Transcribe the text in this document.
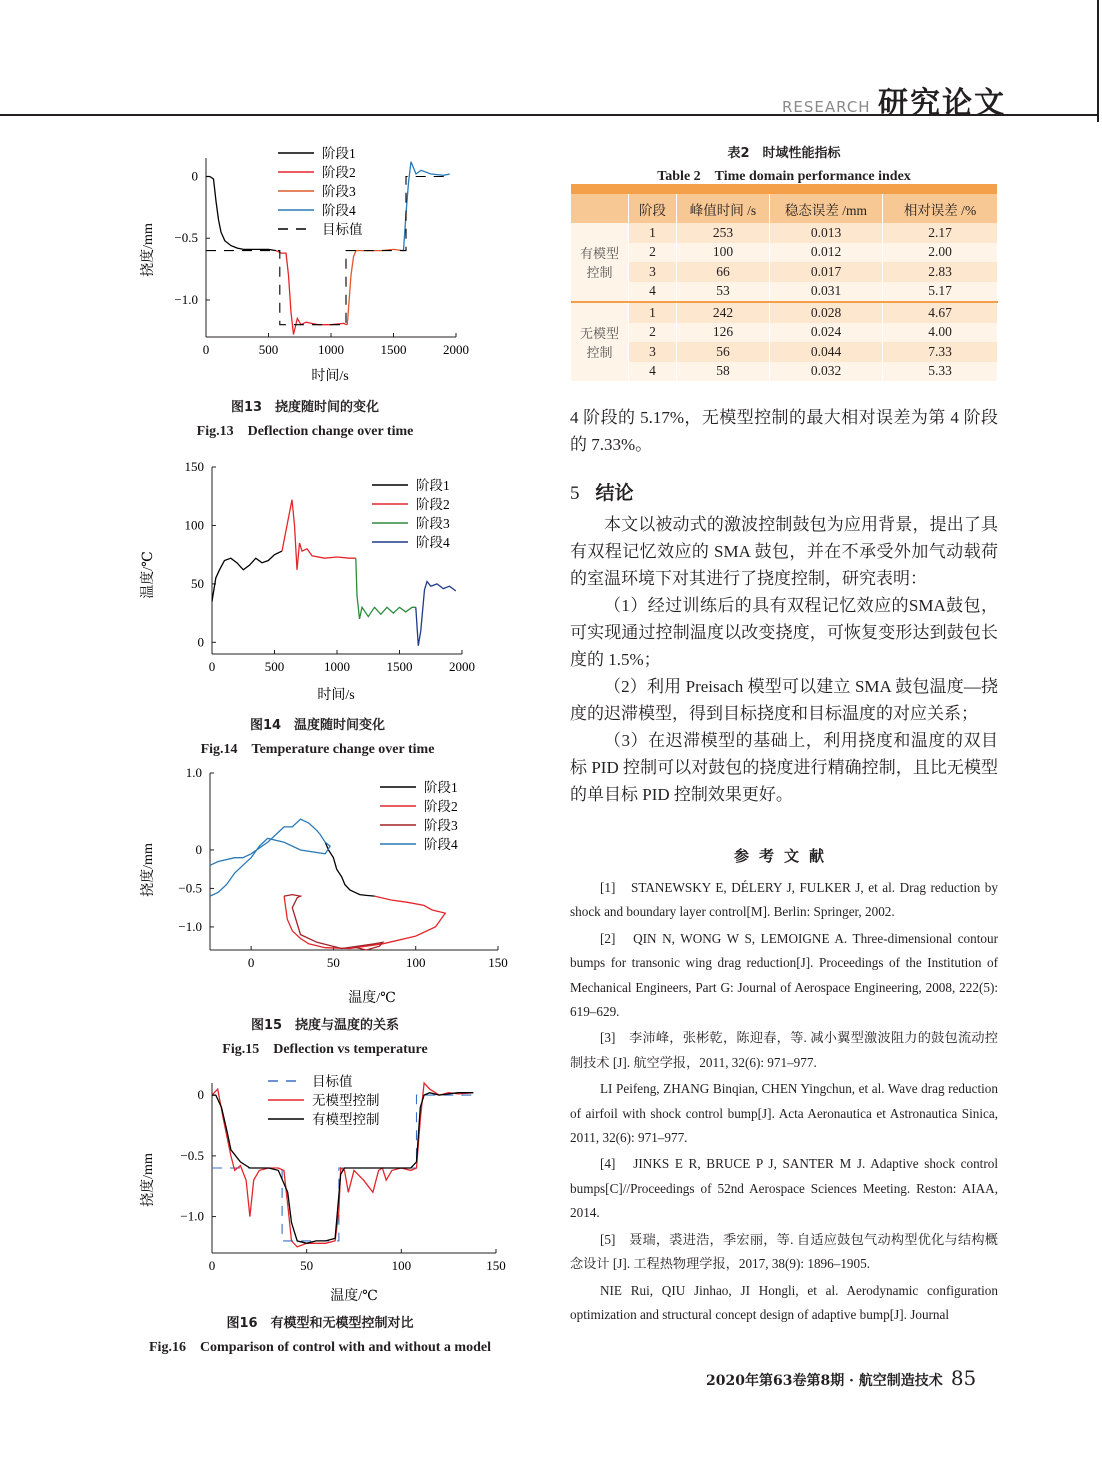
RESEARCH 研究论文
0	500	1000	1500	2000
0
−0.5
−1.0
阶段1
阶段2
阶段3
阶段4
目标值
挠度/mm
时间/s
图13　挠度随时间的变化
Fig.13　Deflection change over time
0	500	1000	1500	2000
150
100
50
0
阶段1
阶段2
阶段3
阶段4
温度/℃
时间/s
图14　温度随时间变化
Fig.14　Temperature change over time
0	50	100	150
1.0
0
−0.5
−1.0
阶段1
阶段2
阶段3
阶段4
挠度/mm
温度/℃
图15　挠度与温度的关系
Fig.15　Deflection vs temperature
0	50	100	150
0
−0.5
−1.0
目标值
无模型控制
有模型控制
挠度/mm
温度/℃
图16　有模型和无模型控制对比
Fig.16　Comparison of control with and without a model
表2　时域性能指标
Table 2　Time domain performance index

	阶段	峰值时间 /s	稳态误差 /mm	相对误差 /%
有模型
控制	1	253	0.013	2.17
	2	100	0.012	2.00
	3	66	0.017	2.83
	4	53	0.031	5.17
无模型
控制	1	242	0.028	4.67
	2	126	0.024	4.00
	3	56	0.044	7.33
	4	58	0.032	5.33
4 阶段的 5.17%，无模型控制的最大相对误差为第 4 阶段的 7.33%。
5 结论
本文以被动式的激波控制鼓包为应用背景，提出了具有双程记忆效应的 SMA 鼓包，并在不承受外加气动载荷的室温环境下对其进行了挠度控制，研究表明：
（1）经过训练后的具有双程记忆效应的SMA鼓包，可实现通过控制温度以改变挠度，可恢复变形达到鼓包长度的 1.5%；
（2）利用 Preisach 模型可以建立 SMA 鼓包温度—挠度的迟滞模型，得到目标挠度和目标温度的对应关系；
（3）在迟滞模型的基础上，利用挠度和温度的双目标 PID 控制可以对鼓包的挠度进行精确控制，且比无模型的单目标 PID 控制效果更好。
参考文献

[1]　STANEWSKY E, DÉLERY J, FULKER J, et al. Drag reduction by shock and boundary layer control[M]. Berlin: Springer, 2002.

[2]　QIN N, WONG W S, LEMOIGNE A. Three-dimensional contour bumps for transonic wing drag reduction[J]. Proceedings of the Institution of Mechanical Engineers, Part G: Journal of Aerospace Engineering, 2008, 222(5): 619–629.

[3]　李沛峰，张彬乾，陈迎春，等. 减小翼型激波阻力的鼓包流动控制技术 [J]. 航空学报，2011, 32(6): 971–977.

LI Peifeng, ZHANG Binqian, CHEN Yingchun, et al. Wave drag reduction of airfoil with shock control bump[J]. Acta Aeronautica et Astronautica Sinica, 2011, 32(6): 971–977.

[4]　JINKS E R, BRUCE P J, SANTER M J. Adaptive shock control bumps[C]//Proceedings of 52nd Aerospace Sciences Meeting. Reston: AIAA, 2014.

[5]　聂瑞，裘进浩，季宏丽，等. 自适应鼓包气动构型优化与结构概念设计 [J]. 工程热物理学报，2017, 38(9): 1896–1905.

NIE Rui, QIU Jinhao, JI Hongli, et al. Aerodynamic configuration optimization and structural concept design of adaptive bump[J]. Journal

2020年第63卷第8期 · 航空制造技术 85
